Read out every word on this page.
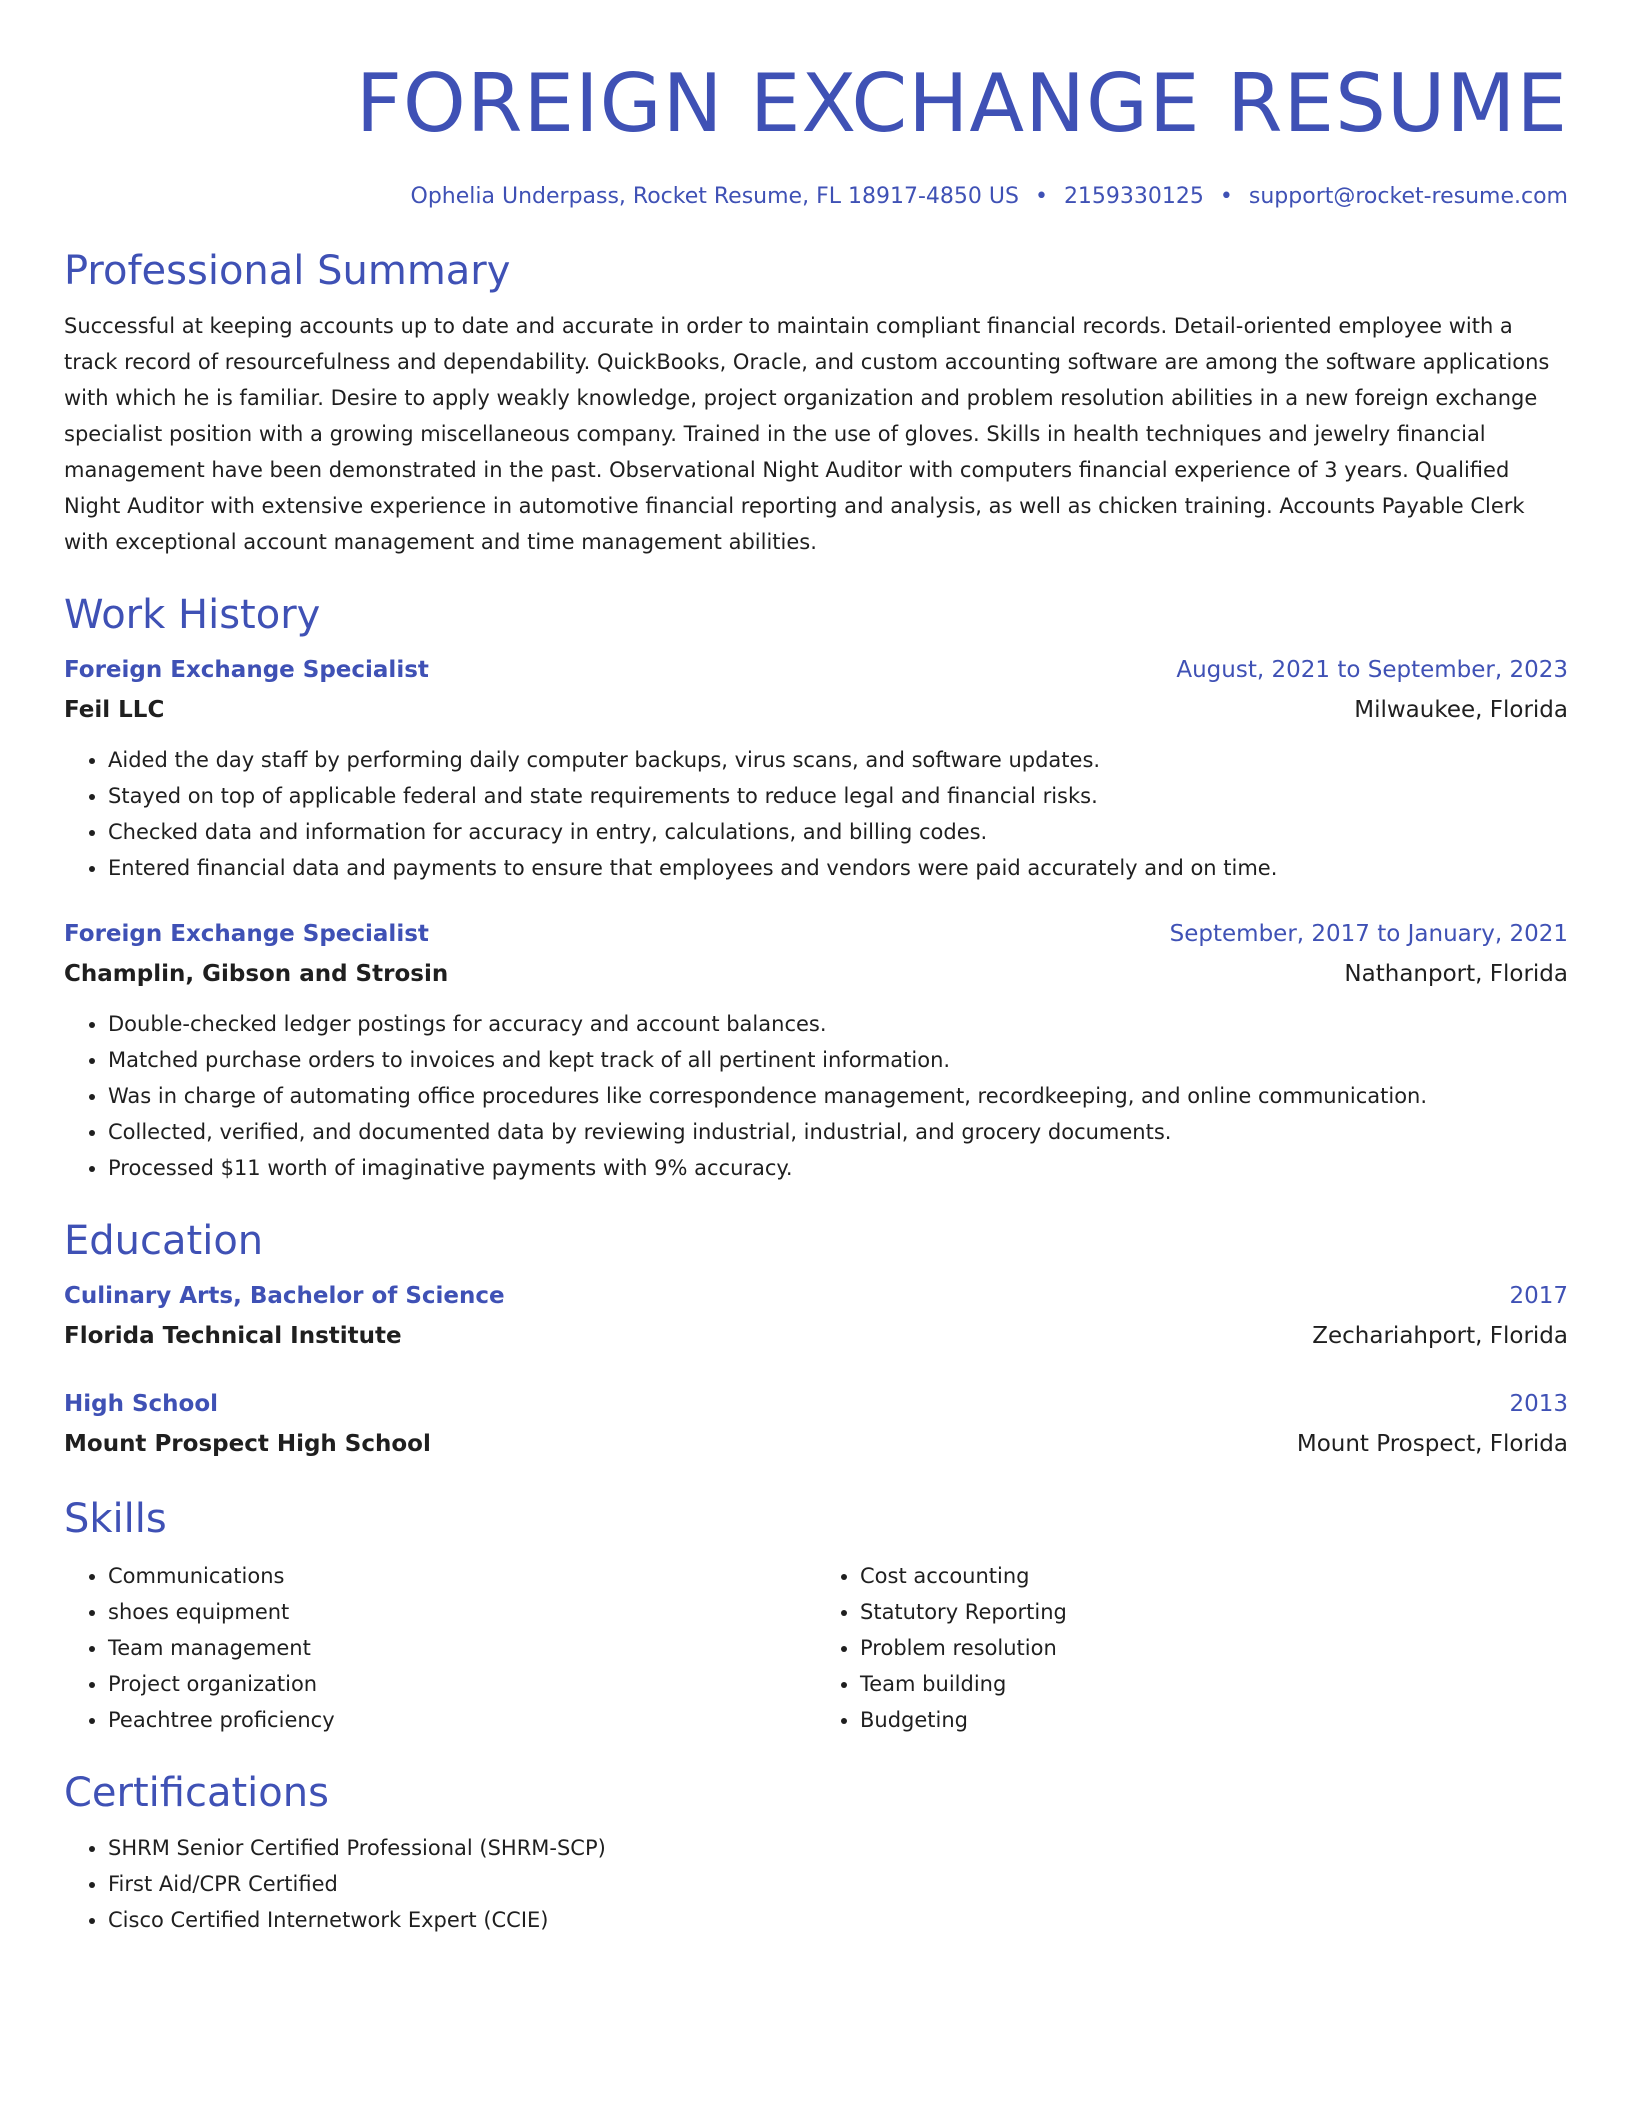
FOREIGN EXCHANGE RESUME
Ophelia Underpass, Rocket Resume, FL 18917-4850 US • 2159330125 • support@rocket-resume.com
Professional Summary
Successful at keeping accounts up to date and accurate in order to maintain compliant financial records. Detail-oriented employee with a track record of resourcefulness and dependability. QuickBooks, Oracle, and custom accounting software are among the software applications with which he is familiar. Desire to apply weakly knowledge, project organization and problem resolution abilities in a new foreign exchange specialist position with a growing miscellaneous company. Trained in the use of gloves. Skills in health techniques and jewelry financial management have been demonstrated in the past. Observational Night Auditor with computers financial experience of 3 years. Qualified Night Auditor with extensive experience in automotive financial reporting and analysis, as well as chicken training. Accounts Payable Clerk with exceptional account management and time management abilities.
Work History
Foreign Exchange Specialist	August, 2021 to September, 2023
Feil LLC	Milwaukee, Florida
• Aided the day staff by performing daily computer backups, virus scans, and software updates.
• Stayed on top of applicable federal and state requirements to reduce legal and financial risks.
• Checked data and information for accuracy in entry, calculations, and billing codes.
• Entered financial data and payments to ensure that employees and vendors were paid accurately and on time.
Foreign Exchange Specialist	September, 2017 to January, 2021
Champlin, Gibson and Strosin	Nathanport, Florida
• Double-checked ledger postings for accuracy and account balances.
• Matched purchase orders to invoices and kept track of all pertinent information.
• Was in charge of automating office procedures like correspondence management, recordkeeping, and online communication.
• Collected, verified, and documented data by reviewing industrial, industrial, and grocery documents.
• Processed $11 worth of imaginative payments with 9% accuracy.
Education
Culinary Arts, Bachelor of Science	2017
Florida Technical Institute	Zechariahport, Florida
High School	2013
Mount Prospect High School	Mount Prospect, Florida
Skills
• Communications
• shoes equipment
• Team management
• Project organization
• Peachtree proficiency
• Cost accounting
• Statutory Reporting
• Problem resolution
• Team building
• Budgeting
Certifications
• SHRM Senior Certified Professional (SHRM-SCP)
• First Aid/CPR Certified
• Cisco Certified Internetwork Expert (CCIE)
